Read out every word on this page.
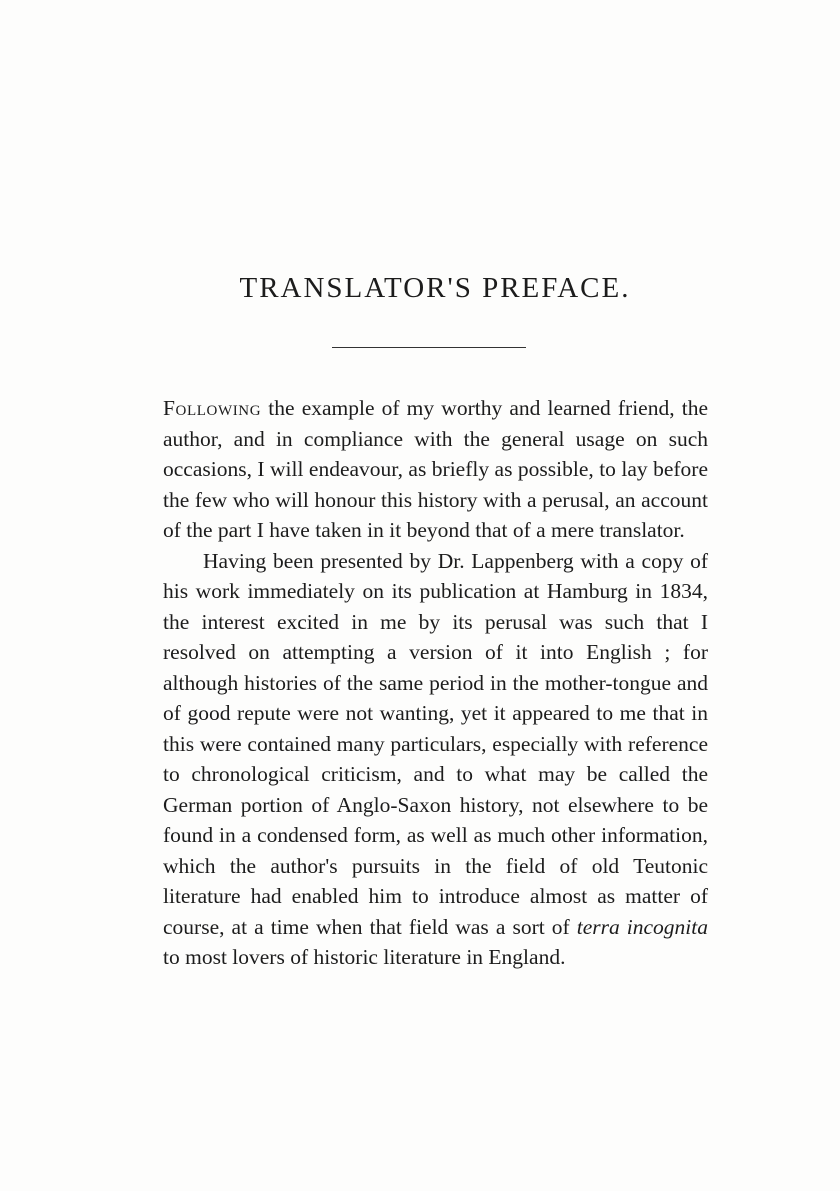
TRANSLATOR'S PREFACE.

Following the example of my worthy and learned friend, the author, and in compliance with the general usage on such occasions, I will endeavour, as briefly as possible, to lay before the few who will honour this history with a perusal, an account of the part I have taken in it beyond that of a mere translator.

Having been presented by Dr. Lappenberg with a copy of his work immediately on its publication at Hamburg in 1834, the interest excited in me by its perusal was such that I resolved on attempting a version of it into English ; for although histories of the same period in the mother-tongue and of good repute were not wanting, yet it appeared to me that in this were contained many particulars, especially with reference to chronological criticism, and to what may be called the German portion of Anglo-Saxon history, not elsewhere to be found in a condensed form, as well as much other information, which the author's pursuits in the field of old Teutonic literature had enabled him to introduce almost as matter of course, at a time when that field was a sort of terra incognita to most lovers of historic literature in England.
